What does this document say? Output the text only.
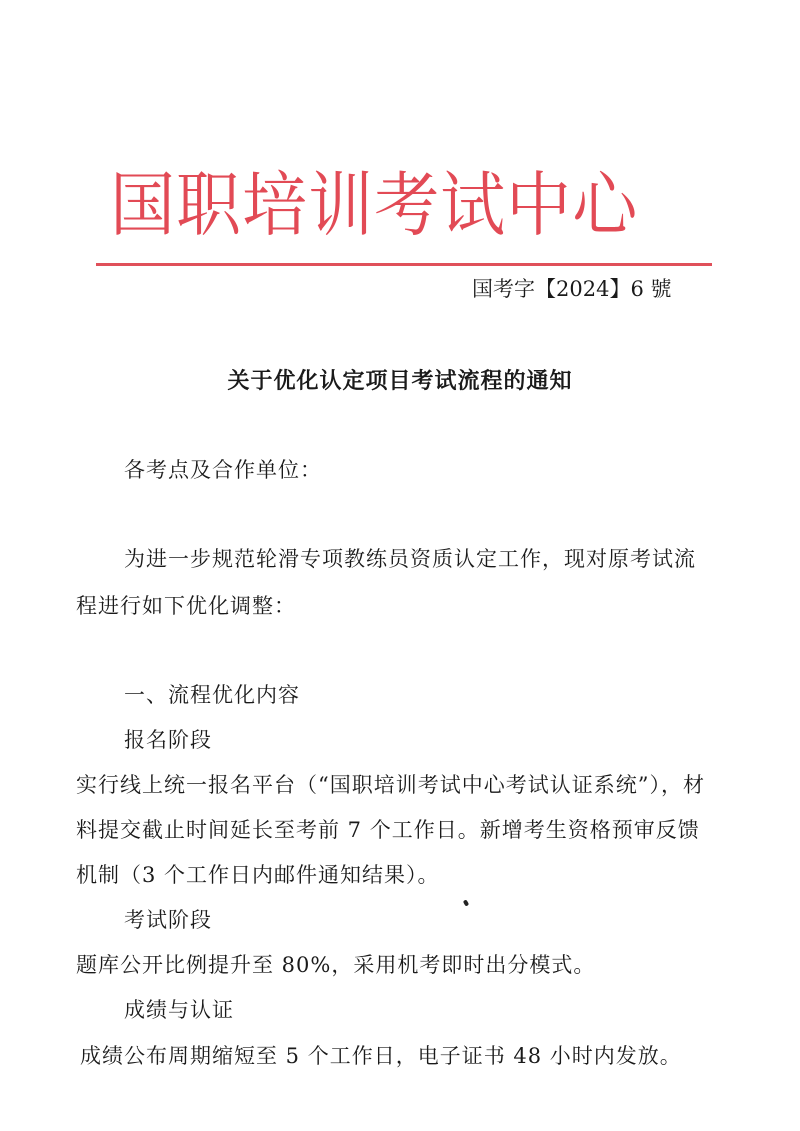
国职培训考试中心
国考字【2024】6 號
关于优化认定项目考试流程的通知
各考点及合作单位：
为进一步规范轮滑专项教练员资质认定工作，现对原考试流
程进行如下优化调整：
一、流程优化内容
报名阶段
实行线上统一报名平台（“国职培训考试中心考试认证系统”），材
料提交截止时间延长至考前 7 个工作日。新增考生资格预审反馈
机制（3 个工作日内邮件通知结果）。
考试阶段
题库公开比例提升至 80%，采用机考即时出分模式。
成绩与认证
成绩公布周期缩短至 5 个工作日，电子证书 48 小时内发放。
